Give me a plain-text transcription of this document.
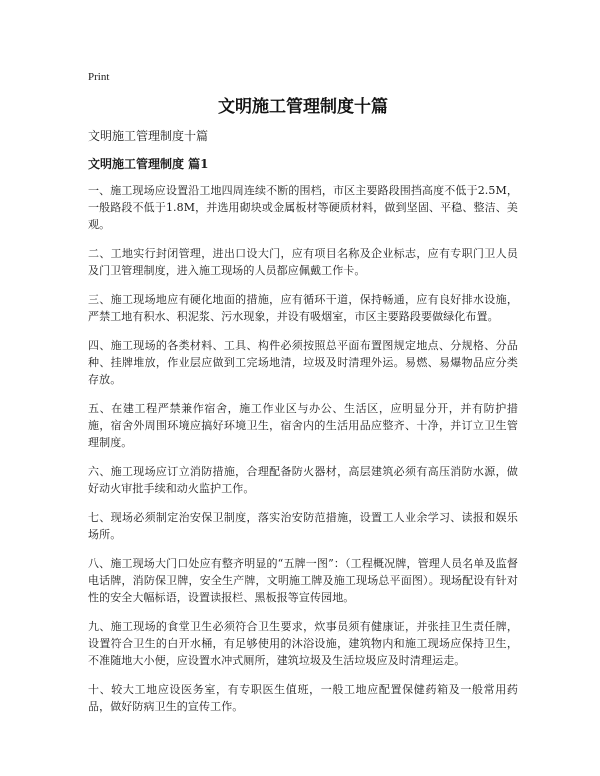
Print
文明施工管理制度十篇

文明施工管理制度十篇

文明施工管理制度 篇1

一、施工现场应设置沿工地四周连续不断的围档，市区主要路段围挡高度不低于2.5M，一般路段不低于1.8M，并选用砌块或金属板材等硬质材料，做到坚固、平稳、整洁、美观。

二、工地实行封闭管理，进出口设大门，应有项目名称及企业标志，应有专职门卫人员及门卫管理制度，进入施工现场的人员都应佩戴工作卡。

三、施工现场地应有硬化地面的措施，应有循环干道，保持畅通，应有良好排水设施，严禁工地有积水、积泥浆、污水现象，并设有吸烟室，市区主要路段要做绿化布置。

四、施工现场的各类材料、工具、构件必须按照总平面布置图规定地点、分规格、分品种、挂牌堆放，作业层应做到工完场地清，垃圾及时清理外运。易燃、易爆物品应分类存放。

五、在建工程严禁兼作宿舍，施工作业区与办公、生活区，应明显分开，并有防护措施，宿舍外周围环境应搞好环境卫生，宿舍内的生活用品应整齐、十净，并订立卫生管理制度。

六、施工现场应订立消防措施，合理配备防火器材，高层建筑必须有高压消防水源，做好动火审批手续和动火监护工作。

七、现场必须制定治安保卫制度，落实治安防范措施，设置工人业余学习、读报和娱乐场所。

八、施工现场大门口处应有整齐明显的“五牌一图”：（工程概况牌，管理人员名单及监督电话牌，消防保卫牌，安全生产牌，文明施工牌及施工现场总平面图）。现场配设有针对性的安全大幅标语，设置读报栏、黑板报等宣传园地。

九、施工现场的食堂卫生必须符合卫生要求，炊事员须有健康证，并张挂卫生责任牌，设置符合卫生的白开水桶，有足够使用的沐浴设施，建筑物内和施工现场应保持卫生，不准随地大小便，应设置水冲式厕所，建筑垃圾及生活垃圾应及时清理运走。

十、较大工地应设医务室，有专职医生值班，一般工地应配置保健药箱及一般常用药品，做好防病卫生的宣传工作。
